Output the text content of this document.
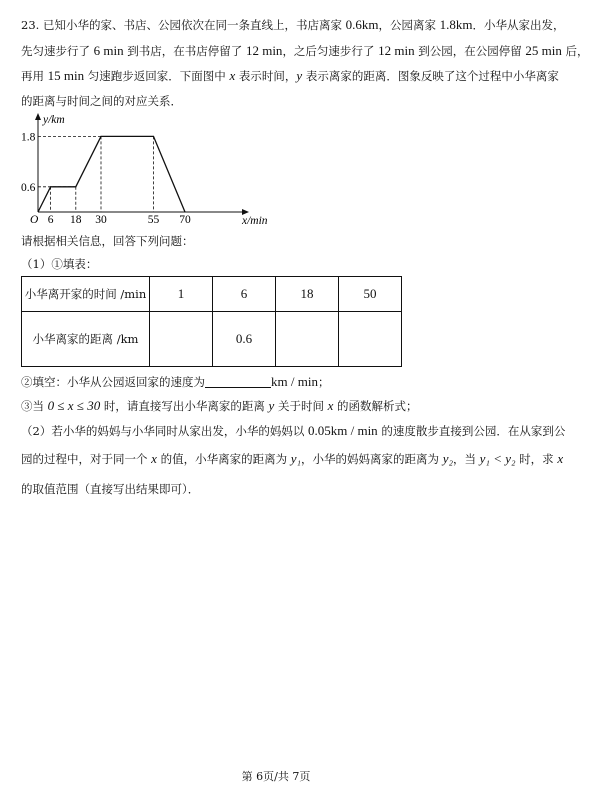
23. 已知小华的家、书店、公园依次在同一条直线上，书店离家 0.6km，公园离家 1.8km．小华从家出发，
先匀速步行了 6 min 到书店，在书店停留了 12 min，之后匀速步行了 12 min 到公园，在公园停留 25 min 后，
再用 15 min 匀速跑步返回家．下面图中 x 表示时间，y 表示离家的距离．图象反映了这个过程中小华离家
的距离与时间之间的对应关系．
6 18 30	55 70
0.6
1.8
O
y/km
x/min
请根据相关信息，回答下列问题：
（1）①填表：
小华离开家的时间 /min	1	6	18	50
小华离家的距离 /km		0.6		
②填空：小华从公园返回家的速度为	km / min；
③当 0 ≤ x ≤ 30 时，请直接写出小华离家的距离 y 关于时间 x 的函数解析式；
（2）若小华的妈妈与小华同时从家出发，小华的妈妈以 0.05km / min 的速度散步直接到公园．在从家到公
园的过程中，对于同一个 x 的值，小华离家的距离为 y₁，小华的妈妈离家的距离为 y₂，当 y₁ < y₂ 时，求 x
的取值范围（直接写出结果即可）．
第 6页/共 7页
